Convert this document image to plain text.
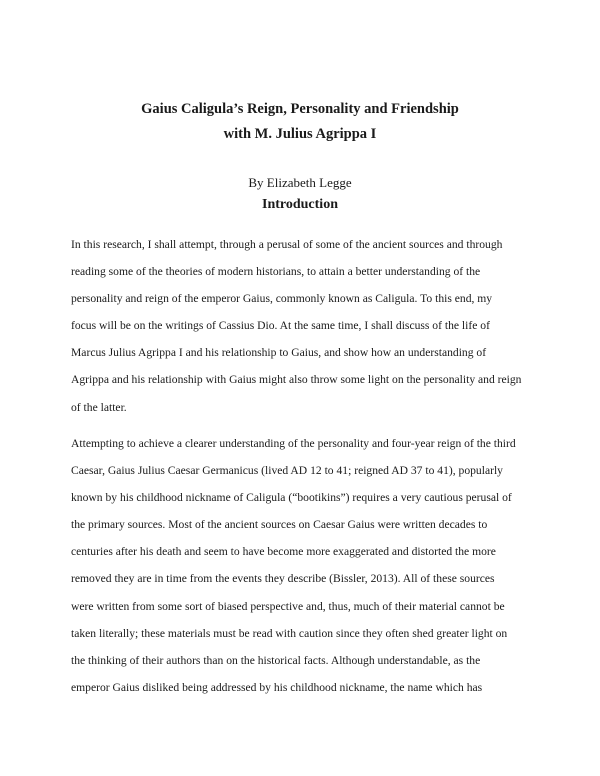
Gaius Caligula’s Reign, Personality and Friendship
with M. Julius Agrippa I
By Elizabeth Legge
Introduction
In this research, I shall attempt, through a perusal of some of the ancient sources and through
reading some of the theories of modern historians, to attain a better understanding of the
personality and reign of the emperor Gaius, commonly known as Caligula. To this end, my
focus will be on the writings of Cassius Dio. At the same time, I shall discuss of the life of
Marcus Julius Agrippa I and his relationship to Gaius, and show how an understanding of
Agrippa and his relationship with Gaius might also throw some light on the personality and reign
of the latter.
Attempting to achieve a clearer understanding of the personality and four-year reign of the third
Caesar, Gaius Julius Caesar Germanicus (lived AD 12 to 41; reigned AD 37 to 41), popularly
known by his childhood nickname of Caligula (“bootikins”) requires a very cautious perusal of
the primary sources. Most of the ancient sources on Caesar Gaius were written decades to
centuries after his death and seem to have become more exaggerated and distorted the more
removed they are in time from the events they describe (Bissler, 2013). All of these sources
were written from some sort of biased perspective and, thus, much of their material cannot be
taken literally; these materials must be read with caution since they often shed greater light on
the thinking of their authors than on the historical facts. Although understandable, as the
emperor Gaius disliked being addressed by his childhood nickname, the name which has
